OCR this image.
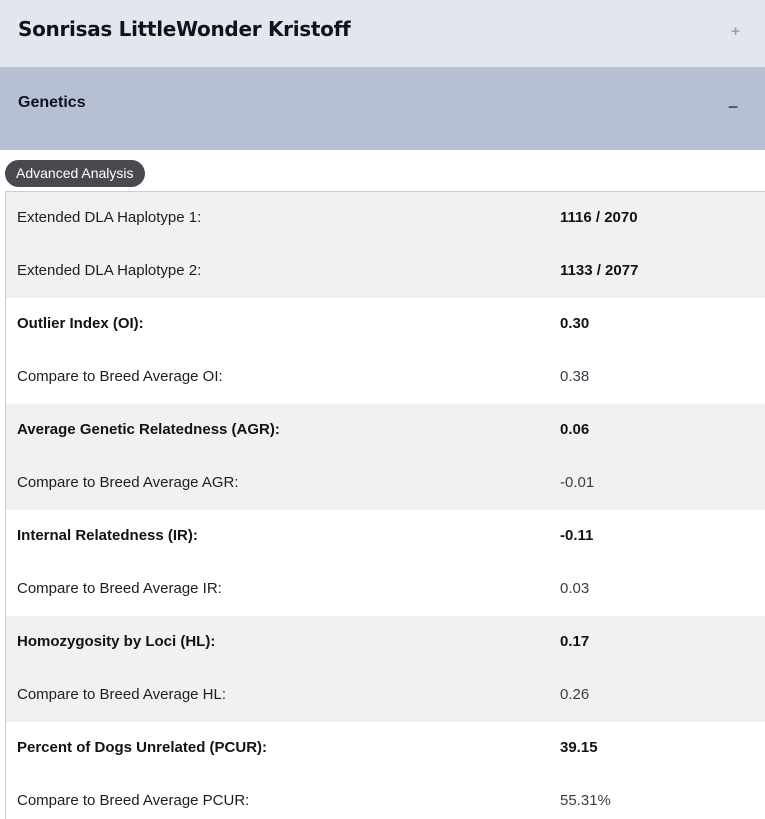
Sonrisas LittleWonder Kristoff	+
Genetics	–
Advanced Analysis
Extended DLA Haplotype 1:	1116 / 2070
Extended DLA Haplotype 2:	1133 / 2077
Outlier Index (OI):	0.30
Compare to Breed Average OI:	0.38
Average Genetic Relatedness (AGR):	0.06
Compare to Breed Average AGR:	-0.01
Internal Relatedness (IR):	-0.11
Compare to Breed Average IR:	0.03
Homozygosity by Loci (HL):	0.17
Compare to Breed Average HL:	0.26
Percent of Dogs Unrelated (PCUR):	39.15
Compare to Breed Average PCUR:	55.31%
